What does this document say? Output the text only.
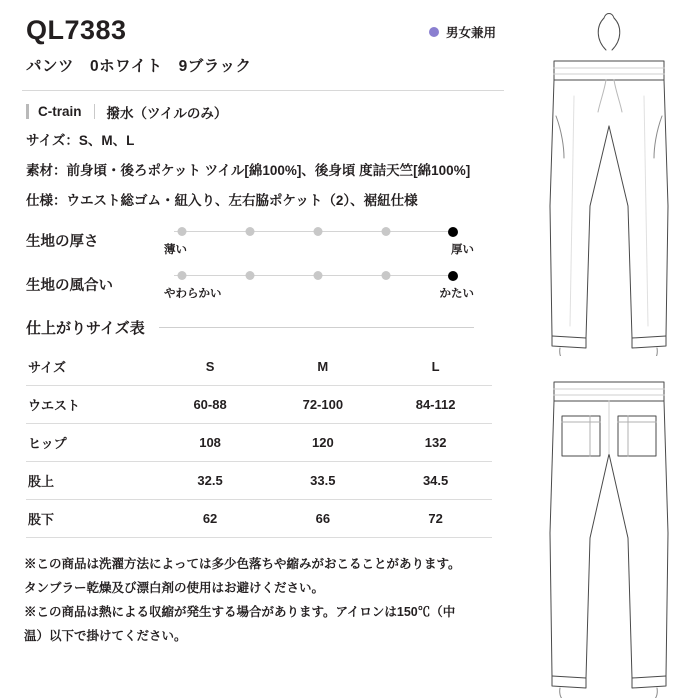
QL7383	男女兼用
パンツ　0ホワイト　9ブラック
C-train 撥水（ツイルのみ）
サイズ：S、M、L
素材：前身頃・後ろポケット ツイル[綿100%]、後身頃 度詰天竺[綿100%]
仕様：ウエスト総ゴム・紐入り、左右脇ポケット（2）、裾紐仕様
生地の厚さ
薄い	厚い
生地の風合い
やわらかい	かたい
仕上がりサイズ表
サイズ	S	M	L
ウエスト	60-88	72-100	84-112
ヒップ	108	120	132
股上	32.5	33.5	34.5
股下	62	66	72

※この商品は洗濯方法によっては多少色落ちや縮みがおこることがあります。

タンブラー乾燥及び漂白剤の使用はお避けください。

※この商品は熱による収縮が発生する場合があります。アイロンは150℃（中

温）以下で掛けてください。
